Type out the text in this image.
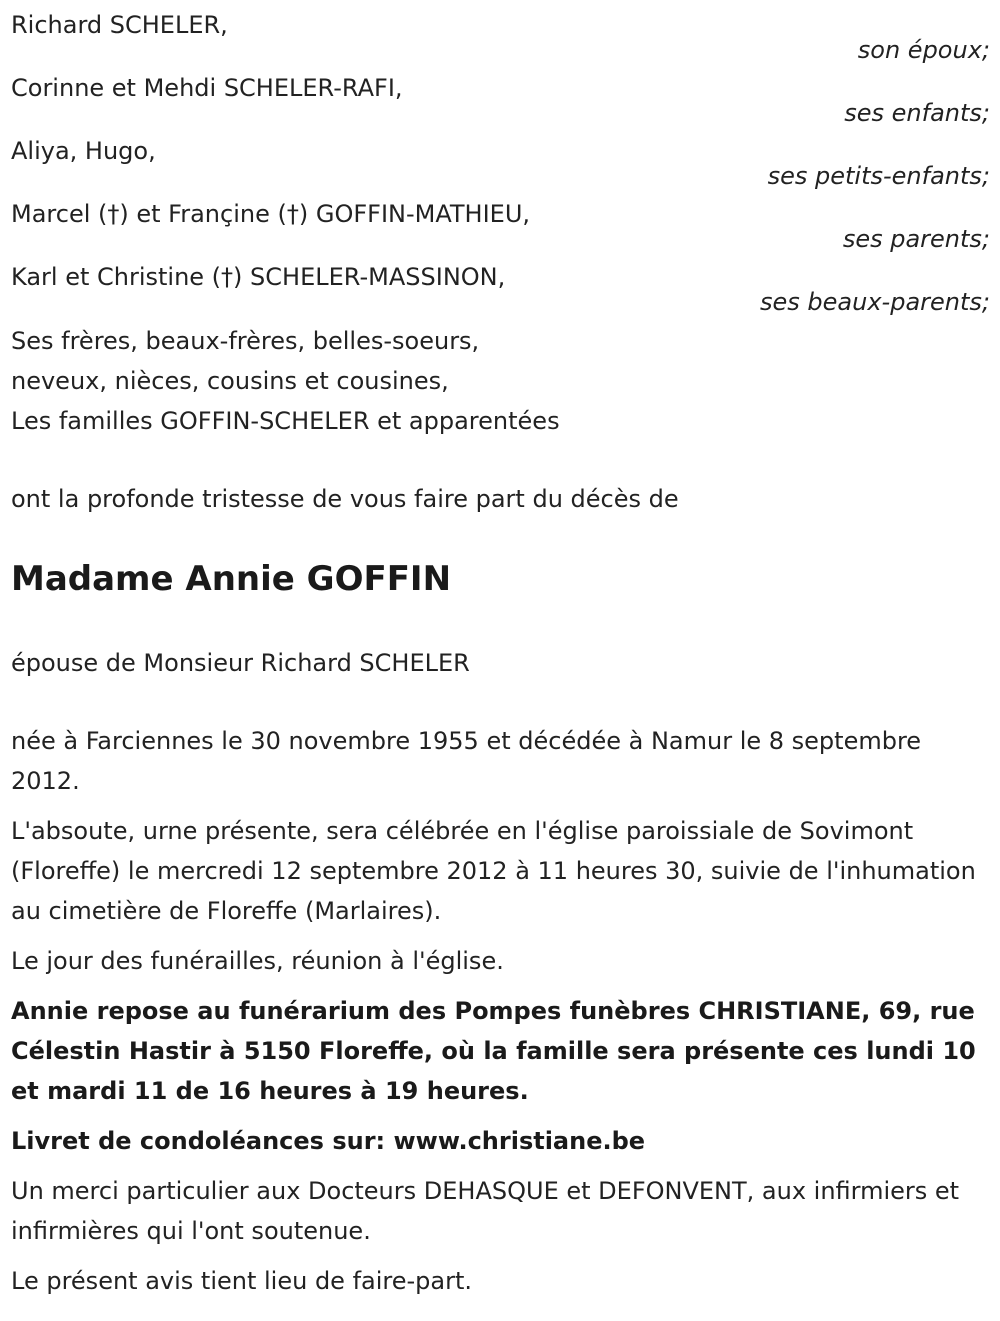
Richard SCHELER,
son époux;
Corinne et Mehdi SCHELER-RAFI,
ses enfants;
Aliya, Hugo,
ses petits-enfants;
Marcel (†) et Françine (†) GOFFIN-MATHIEU,
ses parents;
Karl et Christine (†) SCHELER-MASSINON,
ses beaux-parents;
Ses frères, beaux-frères, belles-soeurs,
neveux, nièces, cousins et cousines,
Les familles GOFFIN-SCHELER et apparentées
ont la profonde tristesse de vous faire part du décès de
Madame Annie GOFFIN
épouse de Monsieur Richard SCHELER
née à Farciennes le 30 novembre 1955 et décédée à Namur le 8 septembre 2012.
L'absoute, urne présente, sera célébrée en l'église paroissiale de Sovimont (Floreffe) le mercredi 12 septembre 2012 à 11 heures 30, suivie de l'inhumation au cimetière de Floreffe (Marlaires).
Le jour des funérailles, réunion à l'église.
Annie repose au funérarium des Pompes funèbres CHRISTIANE, 69, rue Célestin Hastir à 5150 Floreffe, où la famille sera présente ces lundi 10 et mardi 11 de 16 heures à 19 heures.
Livret de condoléances sur: www.christiane.be
Un merci particulier aux Docteurs DEHASQUE et DEFONVENT, aux infirmiers et infirmières qui l'ont soutenue.
Le présent avis tient lieu de faire-part.
